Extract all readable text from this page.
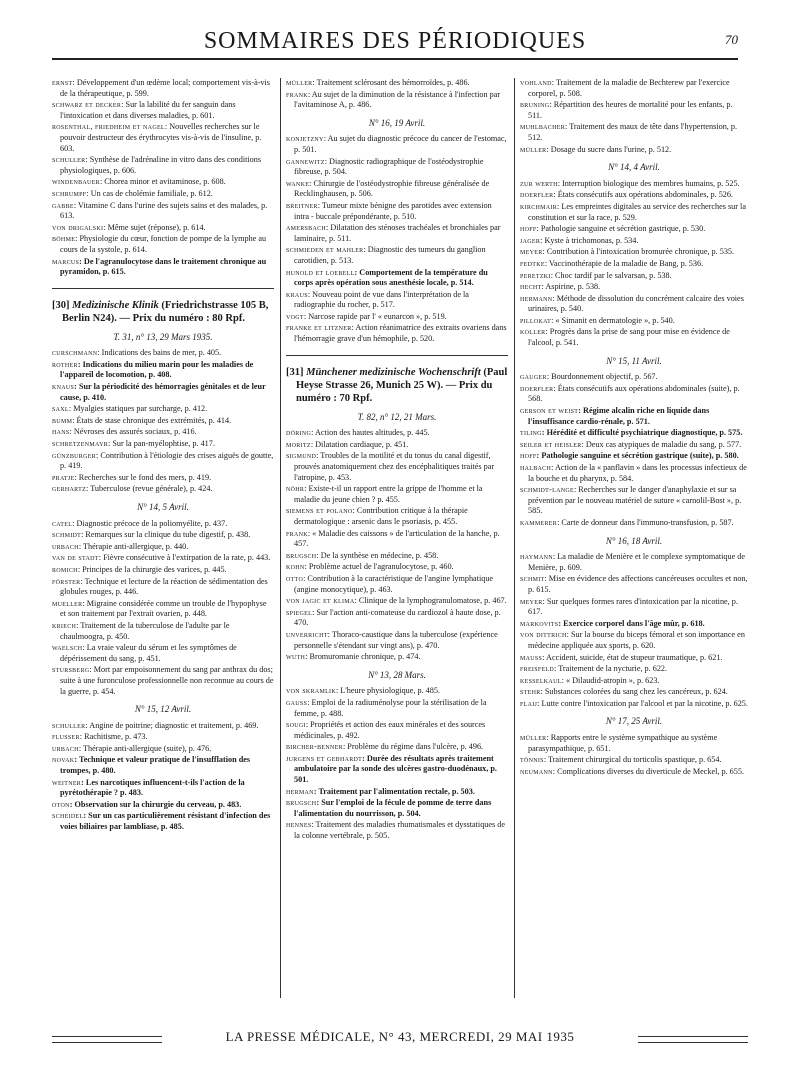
SOMMAIRES DES PÉRIODIQUES	70
ernst: Développement d'un œdème local; comportement vis-à-vis de la thérapeutique, p. 599.
schwarz et decker: Sur la labilité du fer sanguin dans l'intoxication et dans diverses maladies, p. 601.
rosenthal, friedheim et nagel: Nouvelles recherches sur le pouvoir destructeur des érythrocytes vis-à-vis de l'insuline, p. 603.
schuller: Synthèse de l'adrénaline in vitro dans des conditions physiologiques, p. 606.
windenbauer: Chorea minor et avitaminose, p. 608.
schrumpf: Un cas de cholémie familiale, p. 612.
gabbe: Vitamine C dans l'urine des sujets sains et des malades, p. 613.
von drigalski: Même sujet (réponse), p. 614.
böhme: Physiologie du cœur, fonction de pompe de la lymphe au cours de la systole, p. 614.
marcus: De l'agranulocytose dans le traitement chronique au pyramidon, p. 615.
[30] Medizinische Klinik (Friedrichstrasse 105 B, Berlin N24). — Prix du numéro : 80 Rpf.
T. 31, n° 13, 29 Mars 1935.
curschmann: Indications des bains de mer, p. 405.
rother: Indications du milieu marin pour les maladies de l'appareil de locomotion, p. 408.
knaus: Sur la périodicité des hémorragies génitales et de leur cause, p. 410.
saxl: Myalgies statiques par surcharge, p. 412.
bumm: États de stase chronique des extrémités, p. 414.
hans: Névroses des assurés sociaux, p. 416.
schretzenmayr: Sur la pan-myélophtise, p. 417.
günzburger: Contribution à l'étiologie des crises aiguës de goutte, p. 419.
pratje: Recherches sur le fond des mers, p. 419.
gerhartz: Tuberculose (revue générale), p. 424.
N° 14, 5 Avril.
catel: Diagnostic précoce de la poliomyélite, p. 437.
schmidt: Remarques sur la clinique du tube digestif, p. 438.
urbach: Thérapie anti-allergique, p. 440.
van de stadt: Fièvre consécutive à l'extirpation de la rate, p. 443.
romich: Principes de la chirurgie des varices, p. 445.
förster: Technique et lecture de la réaction de sédimentation des globules rouges, p. 446.
mueller: Migraine considérée comme un trouble de l'hypophyse et son traitement par l'extrait ovarien, p. 448.
kriech: Traitement de la tuberculose de l'adulte par le chaulmoogra, p. 450.
waelsch: La vraie valeur du sérum et les symptômes de dépérissement du sang, p. 451.
stursberg: Mort par empoisonnement du sang par anthrax du dos; suite à une furonculose professionnelle non reconnue au cours de la guerre, p. 454.
N° 15, 12 Avril.
schuller: Angine de poitrine; diagnostic et traitement, p. 469.
flusser: Rachitisme, p. 473.
urbach: Thérapie anti-allergique (suite), p. 476.
novak: Technique et valeur pratique de l'insufflation des trompes, p. 480.
weitner: Les narcotiques influencent-t-ils l'action de la pyrétothérapie ? p. 483.
oton: Observation sur la chirurgie du cerveau, p. 483.
scheidel: Sur un cas particulièrement résistant d'infection des voies biliaires par lambliase, p. 485.
müller: Traitement sclérosant des hémorroïdes, p. 486.
frank: Au sujet de la diminution de la résistance à l'infection par l'avitaminose A, p. 486.
N° 16, 19 Avril.
konjetzny: Au sujet du diagnostic précoce du cancer de l'estomac, p. 501.
gannewitz: Diagnostic radiographique de l'ostéodystrophie fibreuse, p. 504.
wanke: Chirurgie de l'ostéodystrophie fibreuse généralisée de Recklinghausen, p. 506.
breitner: Tumeur mixte bénigne des parotides avec extension intra - buccale prépondérante, p. 510.
amersbach: Dilatation des sténoses trachéales et bronchiales par laminaire, p. 511.
schmieden et mahler: Diagnostic des tumeurs du ganglion carotidien, p. 513.
hunold et loebell: Comportement de la température du corps après opération sous anesthésie locale, p. 514.
kraus: Nouveau point de vue dans l'interprétation de la radiographie du rocher, p. 517.
vogt: Narcose rapide par l' « eunarcon », p. 519.
franke et litzner: Action réanimatrice des extraits ovariens dans l'hémorragie grave d'un hémophile, p. 520.
[31] Münchener medizinische Wochenschrift (Paul Heyse Strasse 26, Munich 25 W). — Prix du numéro : 70 Rpf.
T. 82, n° 12, 21 Mars.
döring: Action des hautes altitudes, p. 445.
moritz: Dilatation cardiaque, p. 451.
sigmund: Troubles de la motilité et du tonus du canal digestif, prouvés anatomiquement chez des encéphalitiques traités par l'atropine, p. 453.
nöhr: Existe-t-il un rapport entre la grippe de l'homme et la maladie du jeune chien ? p. 455.
siemens et polano: Contribution critique à la thérapie dermatologique : arsenic dans le psoriasis, p. 455.
frank: « Maladie des caissons » de l'articulation de la hanche, p. 457.
brugsch: De la synthèse en médecine, p. 458.
kohn: Problème actuel de l'agranulocytose, p. 460.
otto: Contribution à la caractéristique de l'angine lymphatique (angine monocytique), p. 463.
von jagic et klima: Clinique de la lymphogranulomatose, p. 467.
spiegel: Sur l'action anti-comateuse du cardiozol à haute dose, p. 470.
unverricht: Thoraco-caustique dans la tuberculose (expérience personnelle s'étendant sur vingt ans), p. 470.
wuth: Bromuromanie chronique, p. 474.
N° 13, 28 Mars.
von skramlik: L'heure physiologique, p. 485.
gauss: Emploi de la radiuménolyse pour la stérilisation de la femme, p. 488.
sougi: Propriétés et action des eaux minérales et des sources médicinales, p. 492.
bircher-benner: Problème du régime dans l'ulcère, p. 496.
jurgens et gebhardt: Durée des résultats après traitement ambulatoire par la sonde des ulcères gastro-duodénaux, p. 501.
herman: Traitement par l'alimentation rectale, p. 503.
brugsch: Sur l'emploi de la fécule de pomme de terre dans l'alimentation du nourrisson, p. 504.
hennes: Traitement des maladies rhumatismales et dysstatiques de la colonne vertébrale, p. 505.
vohland: Traitement de la maladie de Bechterew par l'exercice corporel, p. 508.
bruning: Répartition des heures de mortalité pour les enfants, p. 511.
muhlbacher: Traitement des maux de tête dans l'hypertension, p. 512.
müller: Dosage du sucre dans l'urine, p. 512.
N° 14, 4 Avril.
zur werth: Interruption biologique des membres humains, p. 525.
doerfler: États consécutifs aux opérations abdominales, p. 526.
kirchmair: Les empreintes digitales au service des recherches sur la constitution et sur la race, p. 529.
hoff: Pathologie sanguine et sécrétion gastrique, p. 530.
jager: Kyste à trichomonas, p. 534.
meyer: Contribution à l'intoxication bromurée chronique, p. 535.
fedtke: Vaccinothérapie de la maladie de Bang, p. 536.
peretzki: Choc tardif par le salvarsan, p. 538.
hecht: Aspirine, p. 538.
hermann: Méthode de dissolution du concrément calcaire des voies urinaires, p. 540.
pillokat: « Simanit en dermatologie », p. 540.
koller: Progrès dans la prise de sang pour mise en évidence de l'alcool, p. 541.
N° 15, 11 Avril.
gauger: Bourdonnement objectif, p. 567.
doerfler: États consécutifs aux opérations abdominales (suite), p. 568.
gerson et weist: Régime alcalin riche en liquide dans l'insuffisance cardio-rénale, p. 571.
tiling: Hérédité et difficulté psychiatrique diagnostique, p. 575.
seiler et heisler: Deux cas atypiques de maladie du sang, p. 577.
hoff: Pathologie sanguine et sécrétion gastrique (suite), p. 580.
halbach: Action de la « panflavin » dans les processus infectieux de la bouche et du pharynx, p. 584.
schmidt-lange: Recherches sur le danger d'anaphylaxie et sur sa prévention par le nouveau matériel de suture « carnolil-Bost », p. 585.
kammerer: Carte de donneur dans l'immuno-transfusion, p. 587.
N° 16, 18 Avril.
haymann: La maladie de Menière et le complexe symptomatique de Menière, p. 609.
schmit: Mise en évidence des affections cancéreuses occultes et non, p. 615.
meyer: Sur quelques formes rares d'intoxication par la nicotine, p. 617.
markovits: Exercice corporel dans l'âge mûr, p. 618.
von dittrich: Sur la bourse du biceps fémoral et son importance en médecine appliquée aux sports, p. 620.
mauss: Accident, suicide, état de stupeur traumatique, p. 621.
freisfeld: Traitement de la nycturie, p. 622.
kesselkaul: « Dilaudid-atropin », p. 623.
stehr: Substances colorées du sang chez les cancéreux, p. 624.
flaij: Lutte contre l'intoxication par l'alcool et par la nicotine, p. 625.
N° 17, 25 Avril.
müller: Rapports entre le système sympathique au système parasympathique, p. 651.
tönnis: Traitement chirurgical du torticolis spastique, p. 654.
neumann: Complications diverses du diverticule de Meckel, p. 655.
LA PRESSE MÉDICALE, N° 43, MERCREDI, 29 MAI 1935
